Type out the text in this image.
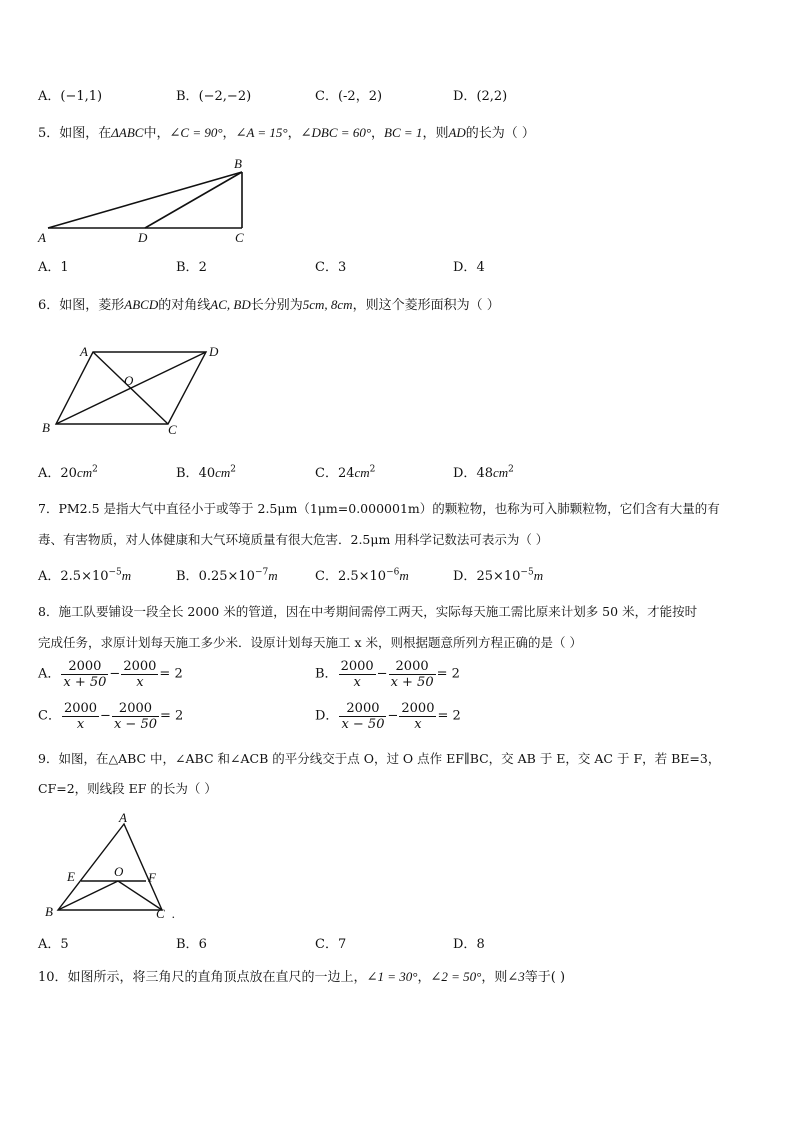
A．(−1,1)	B．(−2,−2)	C．(-2，2)	D．(2,2)
5．如图，在ΔABC中，∠C = 90°，∠A = 15°，∠DBC = 60°，BC = 1，则AD的长为（ ）
B
A	D	C
A．1	B．2	C．3	D．4
6．如图，菱形ABCD的对角线AC, BD长分别为5cm, 8cm，则这个菱形面积为（ ）
A	D
B	C
O
A．$20cm^2$	B．$40cm^2$	C．$24cm^2$	D．$48cm^2$
7．PM2.5 是指大气中直径小于或等于 2.5μm（1μm=0.000001m）的颗粒物，也称为可入肺颗粒物，它们含有大量的有
毒、有害物质，对人体健康和大气环境质量有很大危害．2.5μm 用科学记数法可表示为（ ）
A．$2.5\times 10^{-5}m$	B．$0.25\times 10^{-7}m$	C．$2.5\times 10^{-6}m$	D．$25\times 10^{-5}m$
8．施工队要铺设一段全长 2000 米的管道，因在中考期间需停工两天，实际每天施工需比原来计划多 50 米，才能按时
完成任务，求原计划每天施工多少米．设原计划每天施工 x 米，则根据题意所列方程正确的是（ ）
A． $\frac{2000}{x + 50} - \frac{2000}{x} = 2$	B． $\frac{2000}{x} - \frac{2000}{x + 50} = 2$
C． $\frac{2000}{x} - \frac{2000}{x - 50} = 2$	D． $\frac{2000}{x - 50} - \frac{2000}{x} = 2$
9．如图，在△ABC 中，∠ABC 和∠ACB 的平分线交于点 O，过 O 点作 EF∥BC，交 AB 于 E，交 AC 于 F，若 BE=3，
CF=2，则线段 EF 的长为（ ）
A
E	O F
B	C .
A．5	B．6	C．7	D．8
10．如图所示，将三角尺的直角顶点放在直尺的一边上，∠1 = 30°，∠2 = 50°，则∠3等于( )
